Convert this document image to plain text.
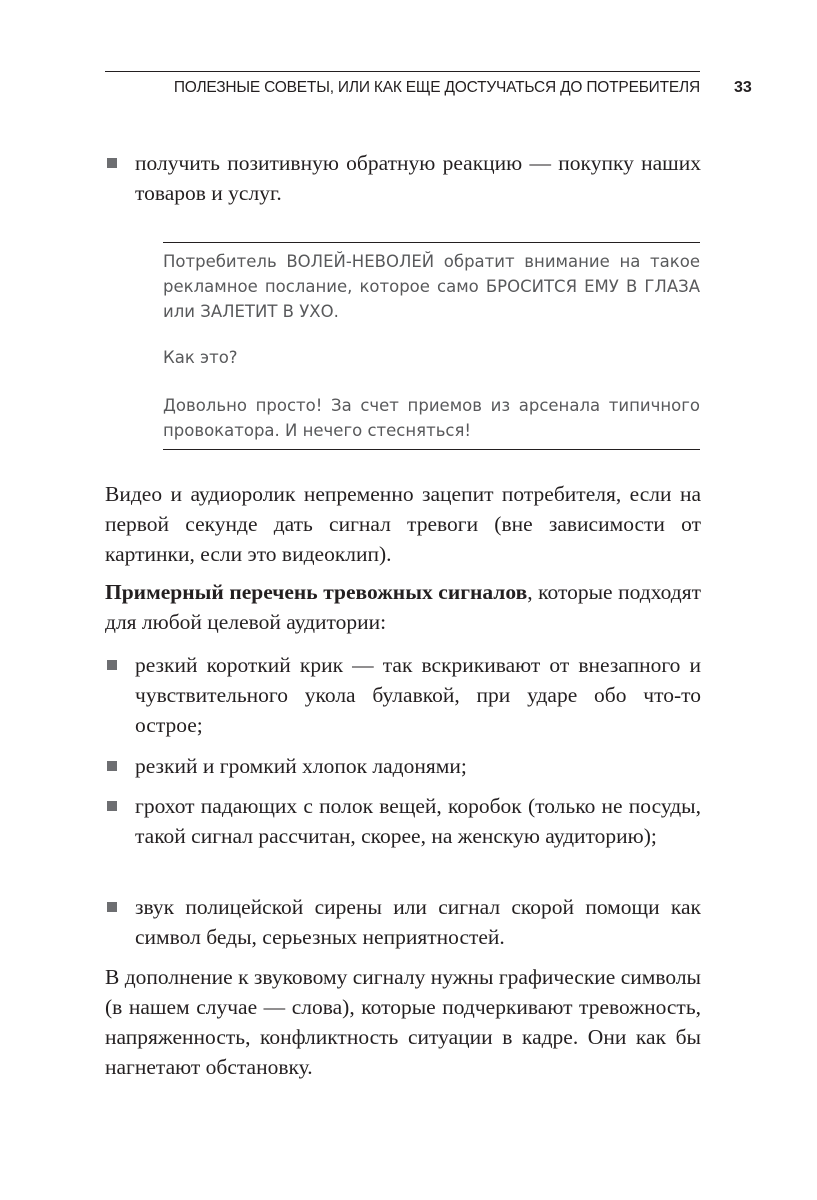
ПОЛЕЗНЫЕ СОВЕТЫ, ИЛИ КАК ЕЩЕ ДОСТУЧАТЬСЯ ДО ПОТРЕБИТЕЛЯ 33
получить позитивную обратную реакцию — покупку наших товаров и услуг.

Потребитель ВОЛЕЙ-НЕВОЛЕЙ обратит внимание на такое рекламное послание, которое само БРОСИТСЯ ЕМУ В ГЛАЗА или ЗАЛЕТИТ В УХО.

Как это?

Довольно просто! За счет приемов из арсенала типичного провокатора. И нечего стесняться!

Видео и аудиоролик непременно зацепит потребителя, если на первой секунде дать сигнал тревоги (вне зависимости от картинки, если это видеоклип).

Примерный перечень тревожных сигналов, которые подходят для любой целевой аудитории:

резкий короткий крик — так вскрикивают от внезапного и чувствительного укола булавкой, при ударе обо что-то острое;
резкий и громкий хлопок ладонями;
грохот падающих с полок вещей, коробок (только не посуды, такой сигнал рассчитан, скорее, на женскую аудиторию);
звук полицейской сирены или сигнал скорой помощи как символ беды, серьезных неприятностей.

В дополнение к звуковому сигналу нужны графические символы (в нашем случае — слова), которые подчеркивают тревожность, напряженность, конфликтность ситуации в кадре. Они как бы нагнетают обстановку.
